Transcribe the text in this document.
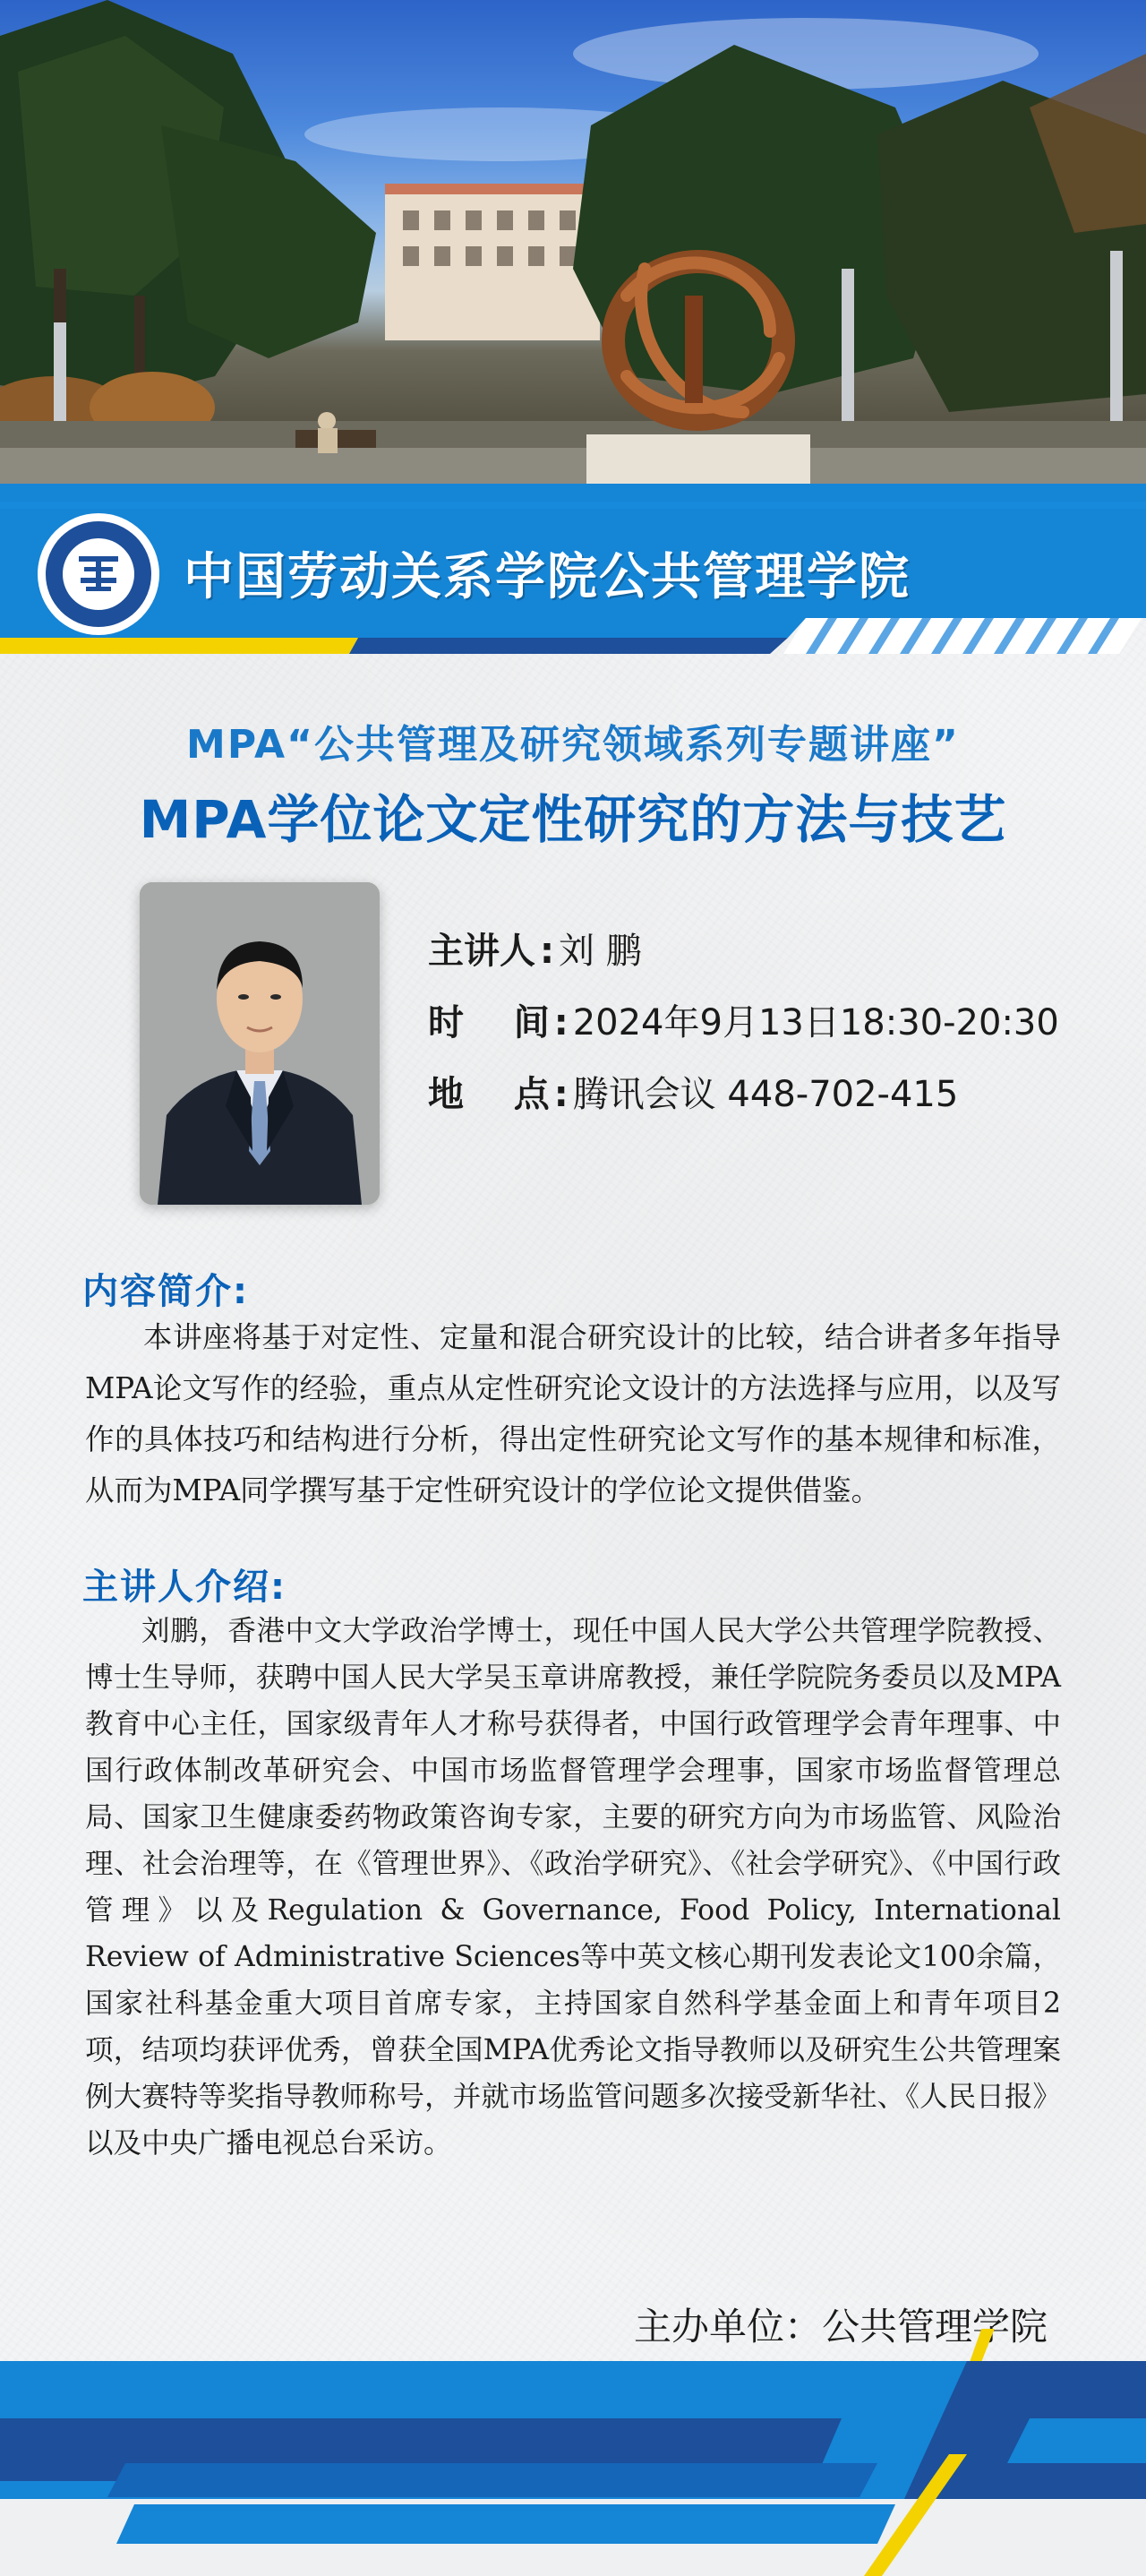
中国劳动关系学院公共管理学院
MPA“公共管理及研究领域系列专题讲座”
MPA学位论文定性研究的方法与技艺
主讲人 : 刘 鹏
时    间 : 2024年9月13日18:30-20:30
地    点 : 腾讯会议 448-702-415
内容简介:
本讲座将基于对定性、定量和混合研究设计的比较，结合讲者多年指导MPA论文写作的经验，重点从定性研究论文设计的方法选择与应用，以及写作的具体技巧和结构进行分析，得出定性研究论文写作的基本规律和标准，从而为MPA同学撰写基于定性研究设计的学位论文提供借鉴。
主讲人介绍:
刘鹏，香港中文大学政治学博士，现任中国人民大学公共管理学院教授、博士生导师，获聘中国人民大学吴玉章讲席教授，兼任学院院务委员以及MPA教育中心主任，国家级青年人才称号获得者，中国行政管理学会青年理事、中国行政体制改革研究会、中国市场监督管理学会理事，国家市场监督管理总局、国家卫生健康委药物政策咨询专家，主要的研究方向为市场监管、风险治理、社会治理等，在《管理世界》、《政治学研究》、《社会学研究》、《中国行政管理》以及Regulation & Governance, Food Policy, International Review of Administrative Sciences等中英文核心期刊发表论文100余篇，国家社科基金重大项目首席专家，主持国家自然科学基金面上和青年项目2项，结项均获评优秀，曾获全国MPA优秀论文指导教师以及研究生公共管理案例大赛特等奖指导教师称号，并就市场监管问题多次接受新华社、《人民日报》以及中央广播电视总台采访。
主办单位：公共管理学院
